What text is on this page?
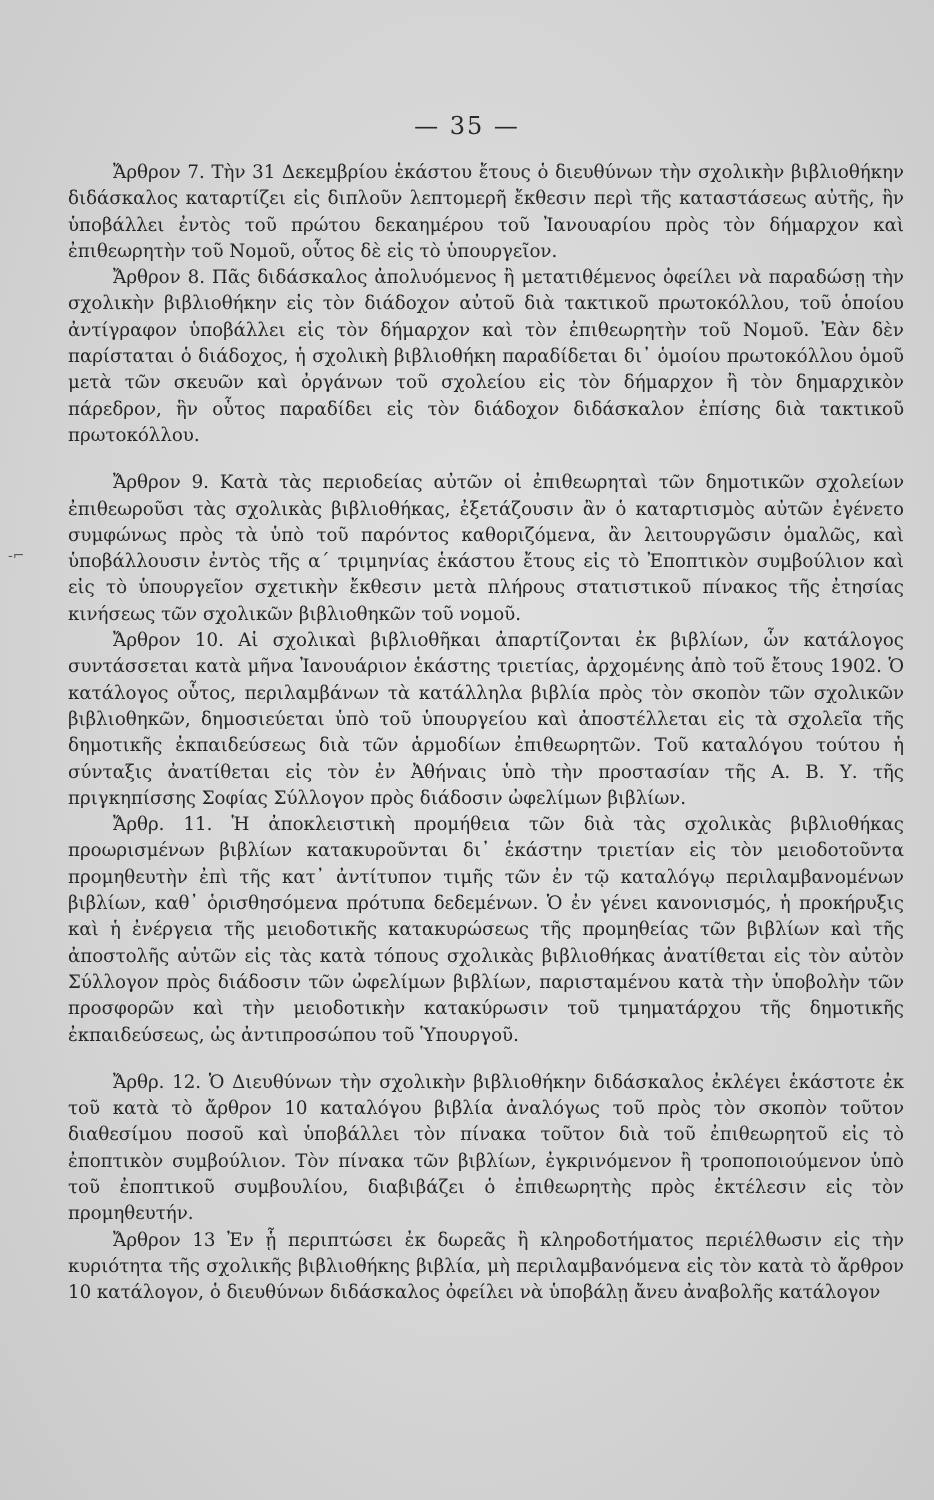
— 35 —
-⌐

Ἄρθρον 7. Τὴν 31 Δεκεμβρίου ἑκάστου ἔτους ὁ διευθύνων τὴν σχολικὴν βιβλιοθήκην διδάσκαλος καταρτίζει εἰς διπλοῦν λεπτομερῆ ἔκθεσιν περὶ τῆς καταστάσεως αὐτῆς, ἣν ὑποβάλλει ἐντὸς τοῦ πρώτου δεκαημέρου τοῦ Ἰανουαρίου πρὸς τὸν δήμαρχον καὶ ἐπιθεωρητὴν τοῦ Νομοῦ, οὗτος δὲ εἰς τὸ ὑπουργεῖον.

Ἄρθρον 8. Πᾶς διδάσκαλος ἀπολυόμενος ἢ μετατιθέμενος ὀφείλει νὰ παραδώσῃ τὴν σχολικὴν βιβλιοθήκην εἰς τὸν διάδοχον αὐτοῦ διὰ τακτικοῦ πρωτοκόλλου, τοῦ ὁποίου ἀντίγραφον ὑποβάλλει εἰς τὸν δήμαρχον καὶ τὸν ἐπιθεωρητὴν τοῦ Νομοῦ. Ἐὰν δὲν παρίσταται ὁ διάδοχος, ἡ σχολικὴ βιβλιοθήκη παραδίδεται δι᾽ ὁμοίου πρωτοκόλλου ὁμοῦ μετὰ τῶν σκευῶν καὶ ὀργάνων τοῦ σχολείου εἰς τὸν δήμαρχον ἢ τὸν δημαρχικὸν πάρεδρον, ἣν οὗτος παραδίδει εἰς τὸν διάδοχον διδάσκαλον ἐπίσης διὰ τακτικοῦ πρωτοκόλλου.

Ἄρθρον 9. Κατὰ τὰς περιοδείας αὐτῶν οἱ ἐπιθεωρηταὶ τῶν δημοτικῶν σχολείων ἐπιθεωροῦσι τὰς σχολικὰς βιβλιοθήκας, ἐξετάζουσιν ἂν ὁ καταρτισμὸς αὐτῶν ἐγένετο συμφώνως πρὸς τὰ ὑπὸ τοῦ παρόντος καθοριζόμενα, ἂν λειτουργῶσιν ὁμαλῶς, καὶ ὑποβάλλουσιν ἐντὸς τῆς α΄ τριμηνίας ἑκάστου ἔτους εἰς τὸ Ἐποπτικὸν συμβούλιον καὶ εἰς τὸ ὑπουργεῖον σχετικὴν ἔκθεσιν μετὰ πλήρους στατιστικοῦ πίνακος τῆς ἐτησίας κινήσεως τῶν σχολικῶν βιβλιοθηκῶν τοῦ νομοῦ.

Ἄρθρον 10. Αἱ σχολικαὶ βιβλιοθῆκαι ἀπαρτίζονται ἐκ βιβλίων, ὧν κατάλογος συντάσσεται κατὰ μῆνα Ἰανουάριον ἑκάστης τριετίας, ἀρχομένης ἀπὸ τοῦ ἔτους 1902. Ὁ κατάλογος οὗτος, περιλαμβάνων τὰ κατάλληλα βιβλία πρὸς τὸν σκοπὸν τῶν σχολικῶν βιβλιοθηκῶν, δημοσιεύεται ὑπὸ τοῦ ὑπουργείου καὶ ἀποστέλλεται εἰς τὰ σχολεῖα τῆς δημοτικῆς ἐκπαιδεύσεως διὰ τῶν ἁρμοδίων ἐπιθεωρητῶν. Τοῦ καταλόγου τούτου ἡ σύνταξις ἀνατίθεται εἰς τὸν ἐν Ἀθήναις ὑπὸ τὴν προστασίαν τῆς Α. Β. Υ. τῆς πριγκηπίσσης Σοφίας Σύλλογον πρὸς διάδοσιν ὠφελίμων βιβλίων.

Ἄρθρ. 11. Ἡ ἀποκλειστικὴ προμήθεια τῶν διὰ τὰς σχολικὰς βιβλιοθήκας προωρισμένων βιβλίων κατακυροῦνται δι᾽ ἑκάστην τριετίαν εἰς τὸν μειοδοτοῦντα προμηθευτὴν ἐπὶ τῆς κατ᾽ ἀντίτυπον τιμῆς τῶν ἐν τῷ καταλόγῳ περιλαμβανομένων βιβλίων, καθ᾽ ὁρισθησόμενα πρότυπα δεδεμένων. Ὁ ἐν γένει κανονισμός, ἡ προκήρυξις καὶ ἡ ἐνέργεια τῆς μειοδοτικῆς κατακυρώσεως τῆς προμηθείας τῶν βιβλίων καὶ τῆς ἀποστολῆς αὐτῶν εἰς τὰς κατὰ τόπους σχολικὰς βιβλιοθήκας ἀνατίθεται εἰς τὸν αὐτὸν Σύλλογον πρὸς διάδοσιν τῶν ὠφελίμων βιβλίων, παρισταμένου κατὰ τὴν ὑποβολὴν τῶν προσφορῶν καὶ τὴν μειοδοτικὴν κατακύρωσιν τοῦ τμηματάρχου τῆς δημοτικῆς ἐκπαιδεύσεως, ὡς ἀντιπροσώπου τοῦ Ὑπουργοῦ.

Ἄρθρ. 12. Ὁ Διευθύνων τὴν σχολικὴν βιβλιοθήκην διδάσκαλος ἐκλέγει ἑκάστοτε ἐκ τοῦ κατὰ τὸ ἄρθρον 10 καταλόγου βιβλία ἀναλόγως τοῦ πρὸς τὸν σκοπὸν τοῦτον διαθεσίμου ποσοῦ καὶ ὑποβάλλει τὸν πίνακα τοῦτον διὰ τοῦ ἐπιθεωρητοῦ εἰς τὸ ἐποπτικὸν συμβούλιον. Τὸν πίνακα τῶν βιβλίων, ἐγκρινόμενον ἢ τροποποιούμενον ὑπὸ τοῦ ἐποπτικοῦ συμβουλίου, διαβιβάζει ὁ ἐπιθεωρητὴς πρὸς ἐκτέλεσιν εἰς τὸν προμηθευτήν.

Ἄρθρον 13 Ἐν ᾗ περιπτώσει ἐκ δωρεᾶς ἢ κληροδοτήματος περιέλθωσιν εἰς τὴν κυριότητα τῆς σχολικῆς βιβλιοθήκης βιβλία, μὴ περιλαμβανόμενα εἰς τὸν κατὰ τὸ ἄρθρον 10 κατάλογον, ὁ διευθύνων διδάσκαλος ὀφείλει νὰ ὑποβάλῃ ἄνευ ἀναβολῆς κατάλογον
